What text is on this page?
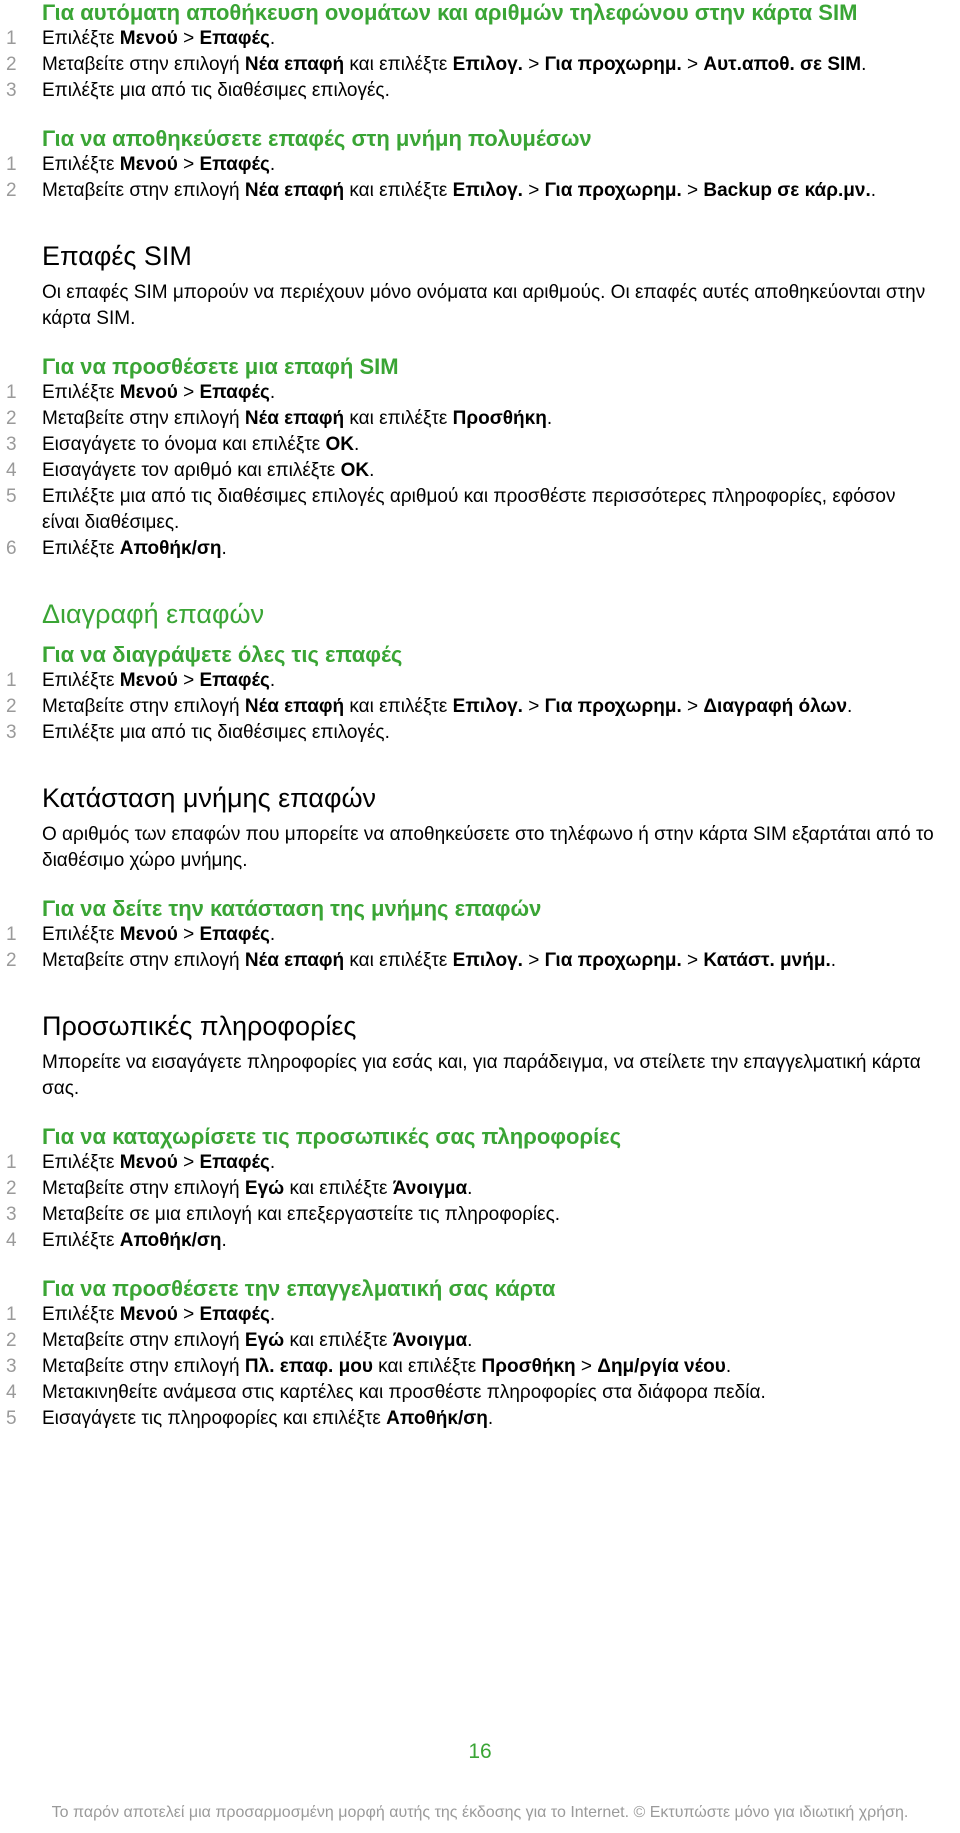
Για αυτόματη αποθήκευση ονομάτων και αριθμών τηλεφώνου στην κάρτα SIM
1	Επιλέξτε Μενού > Επαφές.
2	Μεταβείτε στην επιλογή Νέα επαφή και επιλέξτε Επιλογ. > Για προχωρημ. > Αυτ.αποθ. σε SIM.
3	Επιλέξτε μια από τις διαθέσιμες επιλογές.
Για να αποθηκεύσετε επαφές στη μνήμη πολυμέσων
1	Επιλέξτε Μενού > Επαφές.
2	Μεταβείτε στην επιλογή Νέα επαφή και επιλέξτε Επιλογ. > Για προχωρημ. > Backup σε κάρ.μν..
Επαφές SIM

Οι επαφές SIM μπορούν να περιέχουν μόνο ονόματα και αριθμούς. Οι επαφές αυτές αποθηκεύονται στην κάρτα SIM.

Για να προσθέσετε μια επαφή SIM
1	Επιλέξτε Μενού > Επαφές.
2	Μεταβείτε στην επιλογή Νέα επαφή και επιλέξτε Προσθήκη.
3	Εισαγάγετε το όνομα και επιλέξτε OK.
4	Εισαγάγετε τον αριθμό και επιλέξτε OK.
5	Επιλέξτε μια από τις διαθέσιμες επιλογές αριθμού και προσθέστε περισσότερες πληροφορίες, εφόσον είναι διαθέσιμες.
6	Επιλέξτε Αποθήκ/ση.
Διαγραφή επαφών
Για να διαγράψετε όλες τις επαφές
1	Επιλέξτε Μενού > Επαφές.
2	Μεταβείτε στην επιλογή Νέα επαφή και επιλέξτε Επιλογ. > Για προχωρημ. > Διαγραφή όλων.
3	Επιλέξτε μια από τις διαθέσιμες επιλογές.
Κατάσταση μνήμης επαφών

Ο αριθμός των επαφών που μπορείτε να αποθηκεύσετε στο τηλέφωνο ή στην κάρτα SIM εξαρτάται από το διαθέσιμο χώρο μνήμης.

Για να δείτε την κατάσταση της μνήμης επαφών
1	Επιλέξτε Μενού > Επαφές.
2	Μεταβείτε στην επιλογή Νέα επαφή και επιλέξτε Επιλογ. > Για προχωρημ. > Κατάστ. μνήμ..
Προσωπικές πληροφορίες

Μπορείτε να εισαγάγετε πληροφορίες για εσάς και, για παράδειγμα, να στείλετε την επαγγελματική κάρτα σας.

Για να καταχωρίσετε τις προσωπικές σας πληροφορίες
1	Επιλέξτε Μενού > Επαφές.
2	Μεταβείτε στην επιλογή Εγώ και επιλέξτε Άνοιγμα.
3	Μεταβείτε σε μια επιλογή και επεξεργαστείτε τις πληροφορίες.
4	Επιλέξτε Αποθήκ/ση.
Για να προσθέσετε την επαγγελματική σας κάρτα
1	Επιλέξτε Μενού > Επαφές.
2	Μεταβείτε στην επιλογή Εγώ και επιλέξτε Άνοιγμα.
3	Μεταβείτε στην επιλογή Πλ. επαφ. μου και επιλέξτε Προσθήκη > Δημ/ργία νέου.
4	Μετακινηθείτε ανάμεσα στις καρτέλες και προσθέστε πληροφορίες στα διάφορα πεδία.
5	Εισαγάγετε τις πληροφορίες και επιλέξτε Αποθήκ/ση.
16
Το παρόν αποτελεί μια προσαρμοσμένη μορφή αυτής της έκδοσης για το Internet. © Εκτυπώστε μόνο για ιδιωτική χρήση.
